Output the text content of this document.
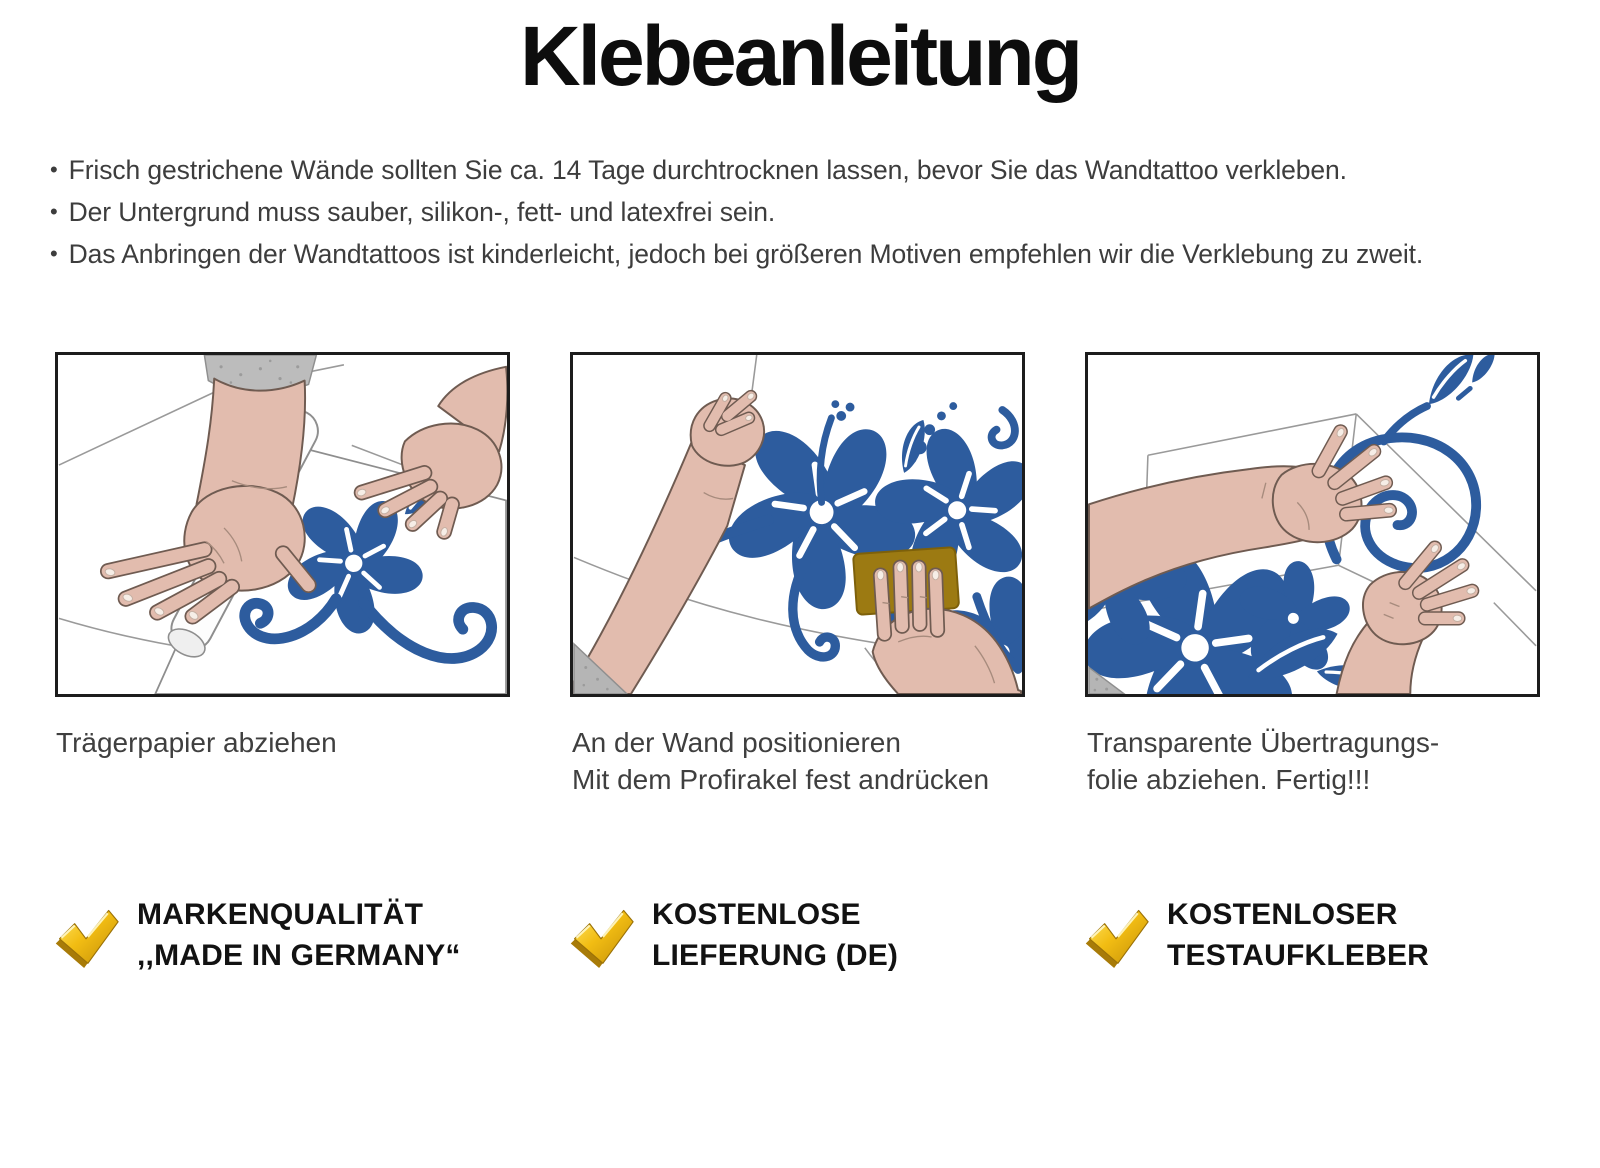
Klebeanleitung
• Frisch gestrichene Wände sollten Sie ca. 14 Tage durchtrocknen lassen, bevor Sie das Wandtattoo verkleben.
• Der Untergrund muss sauber, silikon-, fett- und latexfrei sein.
• Das Anbringen der Wandtattoos ist kinderleicht, jedoch bei größeren Motiven empfehlen wir die Verklebung zu zweit.
Trägerpapier abziehen	An der Wand positionieren
Mit dem Profirakel fest andrücken
Transparente Übertragungs-
folie abziehen. Fertig!!!
MARKENQUALITÄT
,,MADE IN GERMANY“
KOSTENLOSE
LIEFERUNG (DE)
KOSTENLOSER
TESTAUFKLEBER
